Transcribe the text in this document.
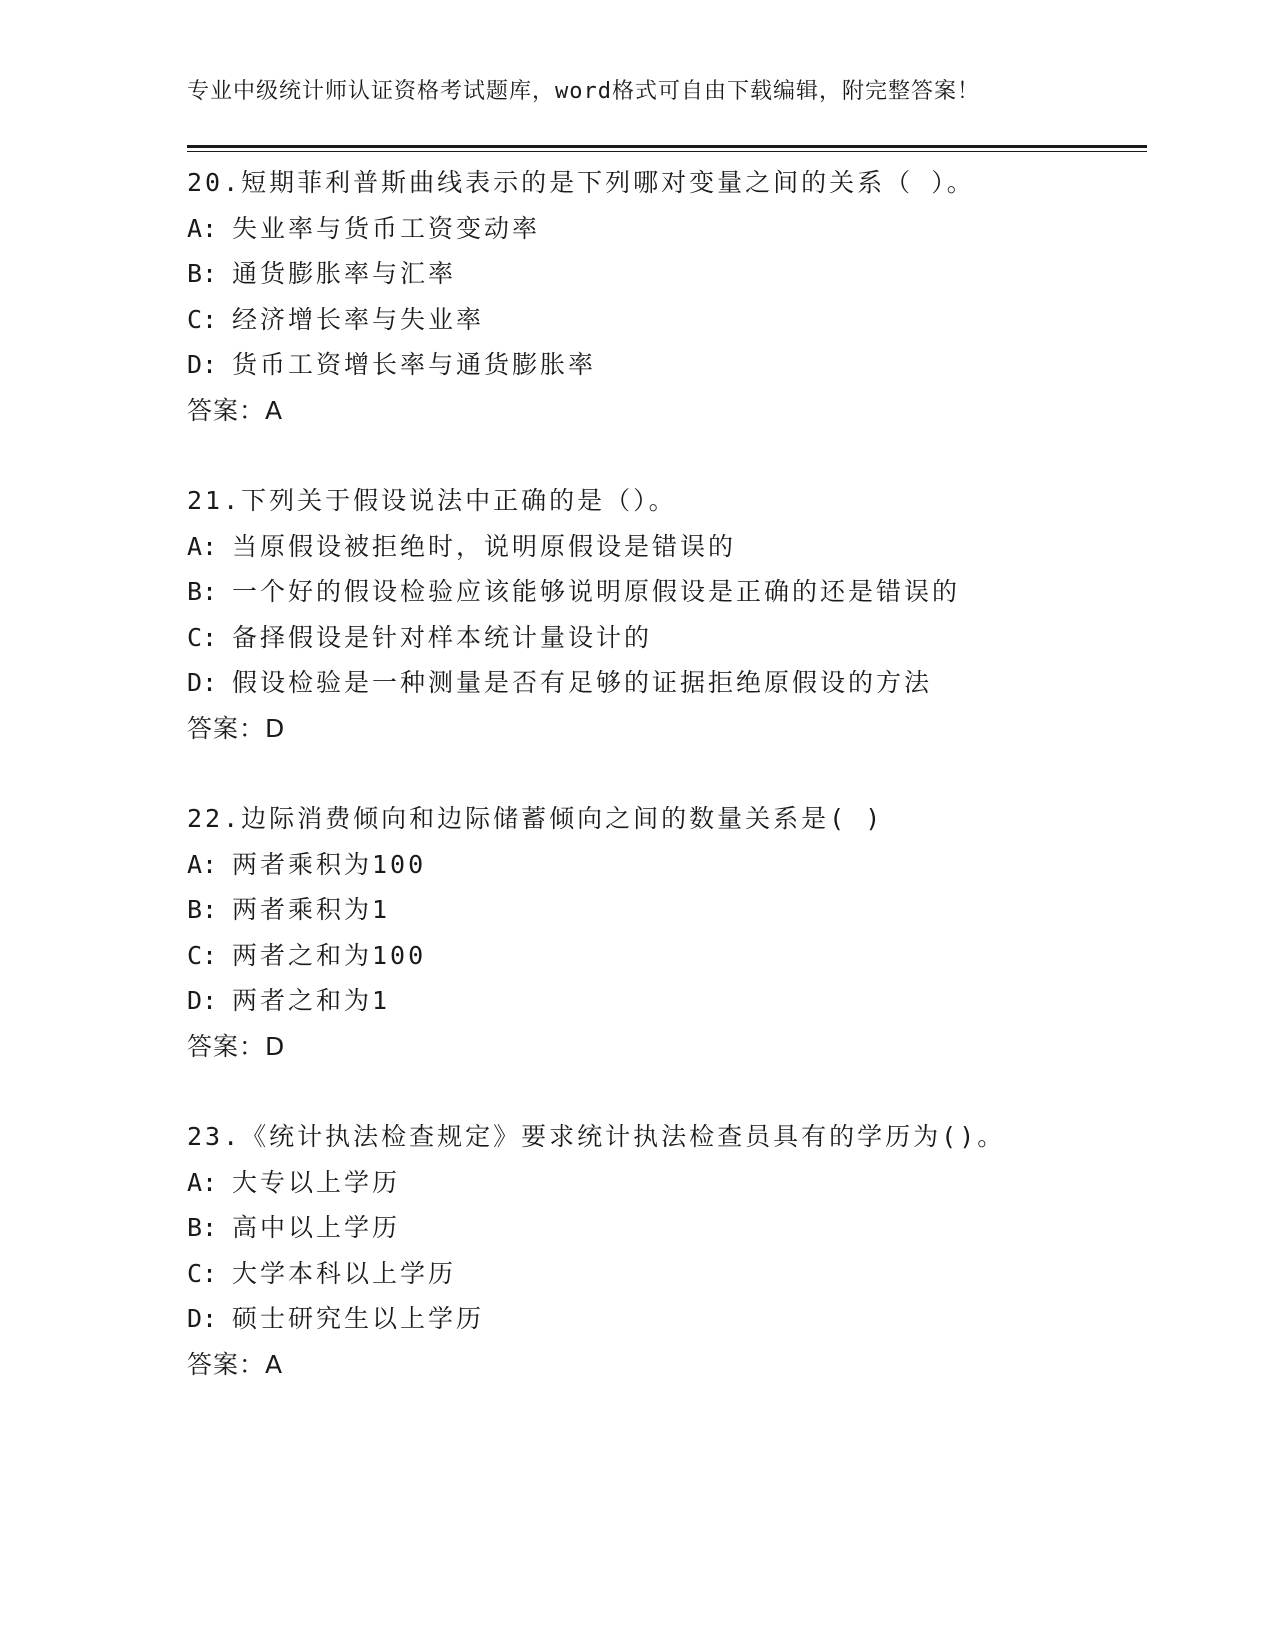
专业中级统计师认证资格考试题库，word格式可自由下载编辑，附完整答案！
20.短期菲利普斯曲线表示的是下列哪对变量之间的关系（ ）。
A: 失业率与货币工资变动率
B: 通货膨胀率与汇率
C: 经济增长率与失业率
D: 货币工资增长率与通货膨胀率
答案：A
21.下列关于假设说法中正确的是（）。
A: 当原假设被拒绝时，说明原假设是错误的
B: 一个好的假设检验应该能够说明原假设是正确的还是错误的
C: 备择假设是针对样本统计量设计的
D: 假设检验是一种测量是否有足够的证据拒绝原假设的方法
答案：D
22.边际消费倾向和边际储蓄倾向之间的数量关系是( )
A: 两者乘积为100
B: 两者乘积为1
C: 两者之和为100
D: 两者之和为1
答案：D
23.《统计执法检查规定》要求统计执法检查员具有的学历为()。
A: 大专以上学历
B: 高中以上学历
C: 大学本科以上学历
D: 硕士研究生以上学历
答案：A
